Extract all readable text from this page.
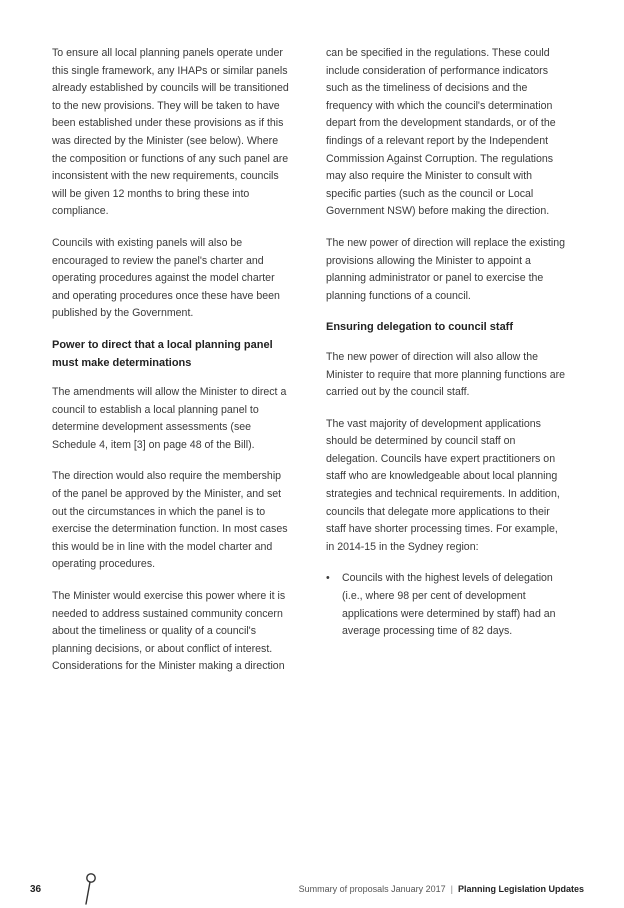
To ensure all local planning panels operate under this single framework, any IHAPs or similar panels already established by councils will be transitioned to the new provisions. They will be taken to have been established under these provisions as if this was directed by the Minister (see below). Where the composition or functions of any such panel are inconsistent with the new requirements, councils will be given 12 months to bring these into compliance.

Councils with existing panels will also be encouraged to review the panel's charter and operating procedures against the model charter and operating procedures once these have been published by the Government.

Power to direct that a local planning panel must make determinations

The amendments will allow the Minister to direct a council to establish a local planning panel to determine development assessments (see Schedule 4, item [3] on page 48 of the Bill).

The direction would also require the membership of the panel be approved by the Minister, and set out the circumstances in which the panel is to exercise the determination function. In most cases this would be in line with the model charter and operating procedures.

The Minister would exercise this power where it is needed to address sustained community concern about the timeliness or quality of a council's planning decisions, or about conflict of interest. Considerations for the Minister making a direction

can be specified in the regulations. These could include consideration of performance indicators such as the timeliness of decisions and the frequency with which the council's determination depart from the development standards, or of the findings of a relevant report by the Independent Commission Against Corruption. The regulations may also require the Minister to consult with specific parties (such as the council or Local Government NSW) before making the direction.

The new power of direction will replace the existing provisions allowing the Minister to appoint a planning administrator or panel to exercise the planning functions of a council.

Ensuring delegation to council staff

The new power of direction will also allow the Minister to require that more planning functions are carried out by the council staff.

The vast majority of development applications should be determined by council staff on delegation. Councils have expert practitioners on staff who are knowledgeable about local planning strategies and technical requirements. In addition, councils that delegate more applications to their staff have shorter processing times. For example, in 2014-15 in the Sydney region:

• Councils with the highest levels of delegation (i.e., where 98 per cent of development applications were determined by staff) had an average processing time of 82 days.
36	Summary of proposals January 2017 | Planning Legislation Updates
